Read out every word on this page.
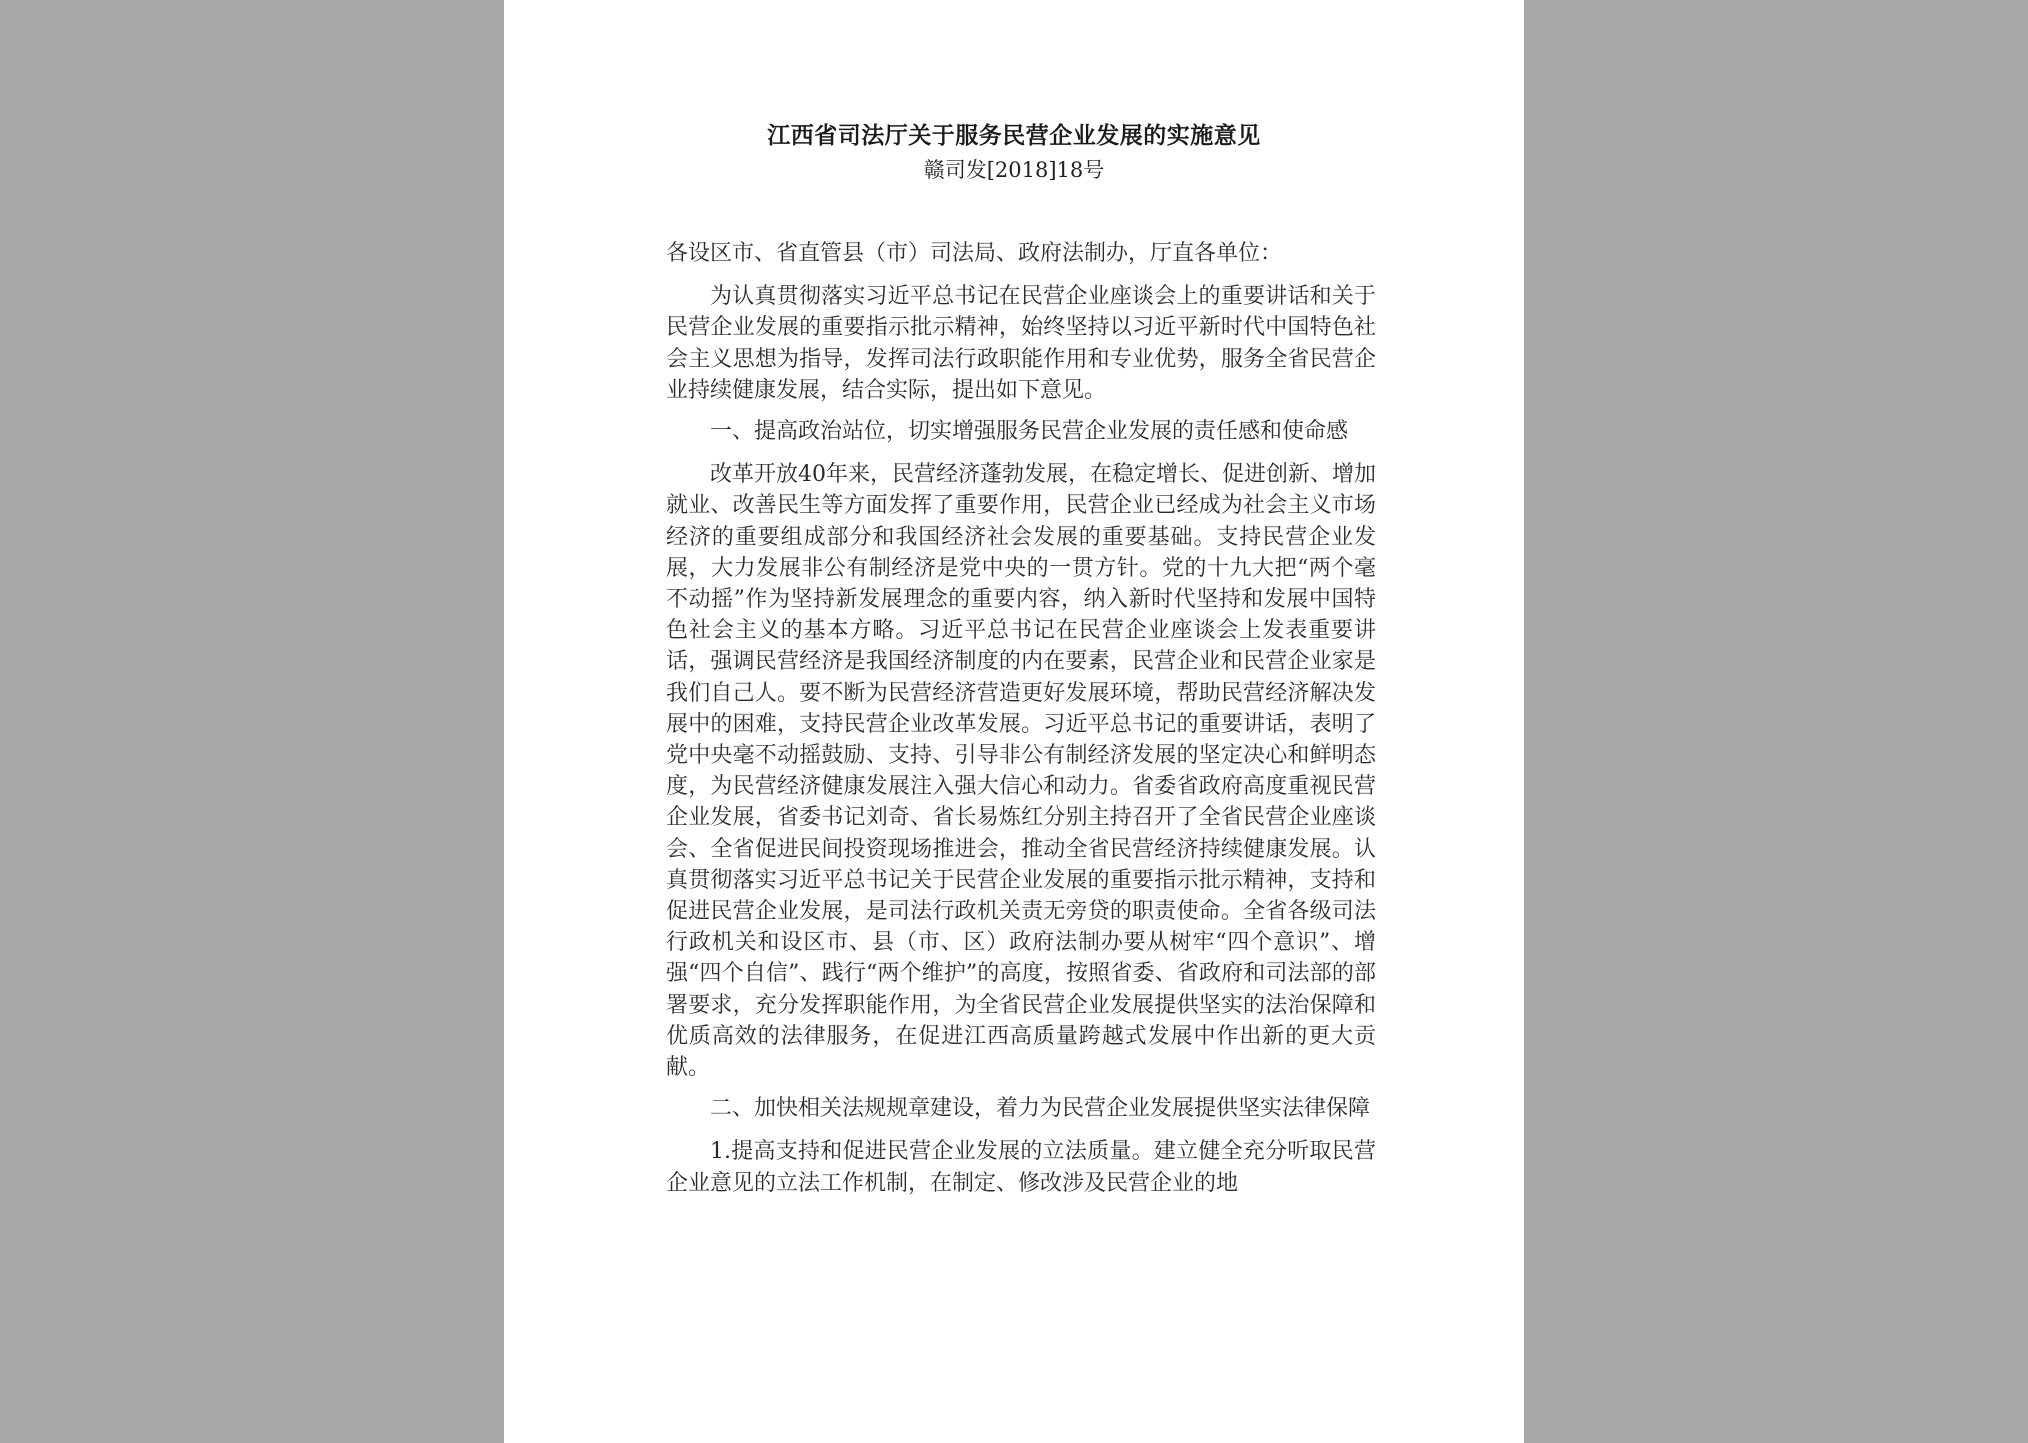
江西省司法厅关于服务民营企业发展的实施意见
赣司发[2018]18号

各设区市、省直管县（市）司法局、政府法制办，厅直各单位：

为认真贯彻落实习近平总书记在民营企业座谈会上的重要讲话和关于民营企业发展的重要指示批示精神，始终坚持以习近平新时代中国特色社会主义思想为指导，发挥司法行政职能作用和专业优势，服务全省民营企业持续健康发展，结合实际，提出如下意见。

一、提高政治站位，切实增强服务民营企业发展的责任感和使命感

改革开放40年来，民营经济蓬勃发展，在稳定增长、促进创新、增加就业、改善民生等方面发挥了重要作用，民营企业已经成为社会主义市场经济的重要组成部分和我国经济社会发展的重要基础。支持民营企业发展，大力发展非公有制经济是党中央的一贯方针。党的十九大把“两个毫不动摇”作为坚持新发展理念的重要内容，纳入新时代坚持和发展中国特色社会主义的基本方略。习近平总书记在民营企业座谈会上发表重要讲话，强调民营经济是我国经济制度的内在要素，民营企业和民营企业家是我们自己人。要不断为民营经济营造更好发展环境，帮助民营经济解决发展中的困难，支持民营企业改革发展。习近平总书记的重要讲话，表明了党中央毫不动摇鼓励、支持、引导非公有制经济发展的坚定决心和鲜明态度，为民营经济健康发展注入强大信心和动力。省委省政府高度重视民营企业发展，省委书记刘奇、省长易炼红分别主持召开了全省民营企业座谈会、全省促进民间投资现场推进会，推动全省民营经济持续健康发展。认真贯彻落实习近平总书记关于民营企业发展的重要指示批示精神，支持和促进民营企业发展，是司法行政机关责无旁贷的职责使命。全省各级司法行政机关和设区市、县（市、区）政府法制办要从树牢“四个意识”、增强“四个自信”、践行“两个维护”的高度，按照省委、省政府和司法部的部署要求，充分发挥职能作用，为全省民营企业发展提供坚实的法治保障和优质高效的法律服务，在促进江西高质量跨越式发展中作出新的更大贡献。

二、加快相关法规规章建设，着力为民营企业发展提供坚实法律保障

1.提高支持和促进民营企业发展的立法质量。建立健全充分听取民营企业意见的立法工作机制，在制定、修改涉及民营企业的地
